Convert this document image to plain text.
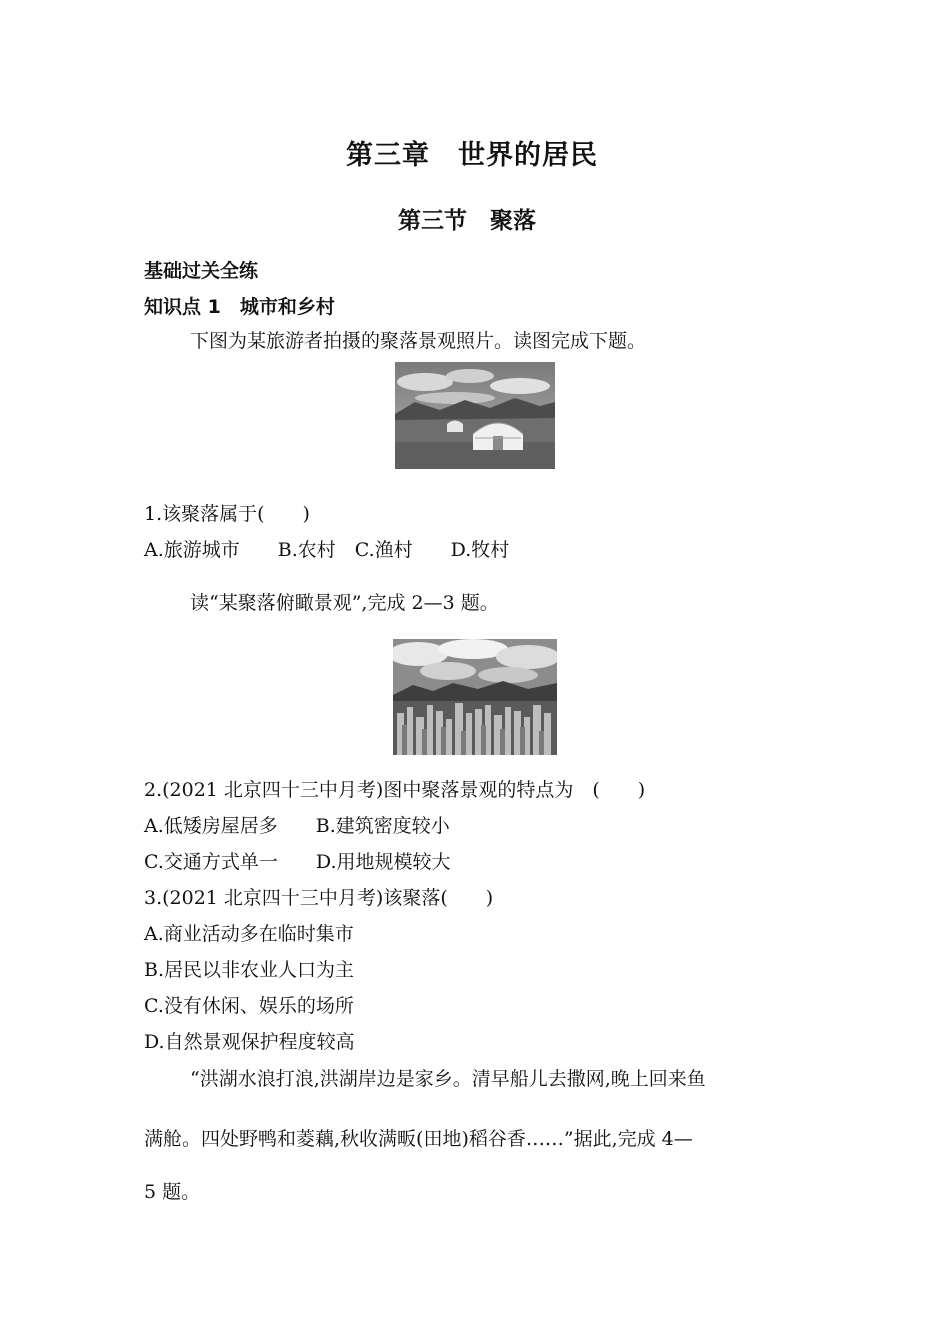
第三章　世界的居民
第三节　聚落
基础过关全练
知识点 1　城市和乡村
下图为某旅游者拍摄的聚落景观照片。读图完成下题。
1.该聚落属于(　　)
A.旅游城市　　B.农村　C.渔村　　D.牧村
读“某聚落俯瞰景观”,完成 2—3 题。
2.(2021 北京四十三中月考)图中聚落景观的特点为　(　　)
A.低矮房屋居多　　B.建筑密度较小
C.交通方式单一　　D.用地规模较大
3.(2021 北京四十三中月考)该聚落(　　)
A.商业活动多在临时集市
B.居民以非农业人口为主
C.没有休闲、娱乐的场所
D.自然景观保护程度较高
“洪湖水浪打浪,洪湖岸边是家乡。清早船儿去撒网,晚上回来鱼
满舱。四处野鸭和菱藕,秋收满畈(田地)稻谷香……”据此,完成 4—
5 题。
